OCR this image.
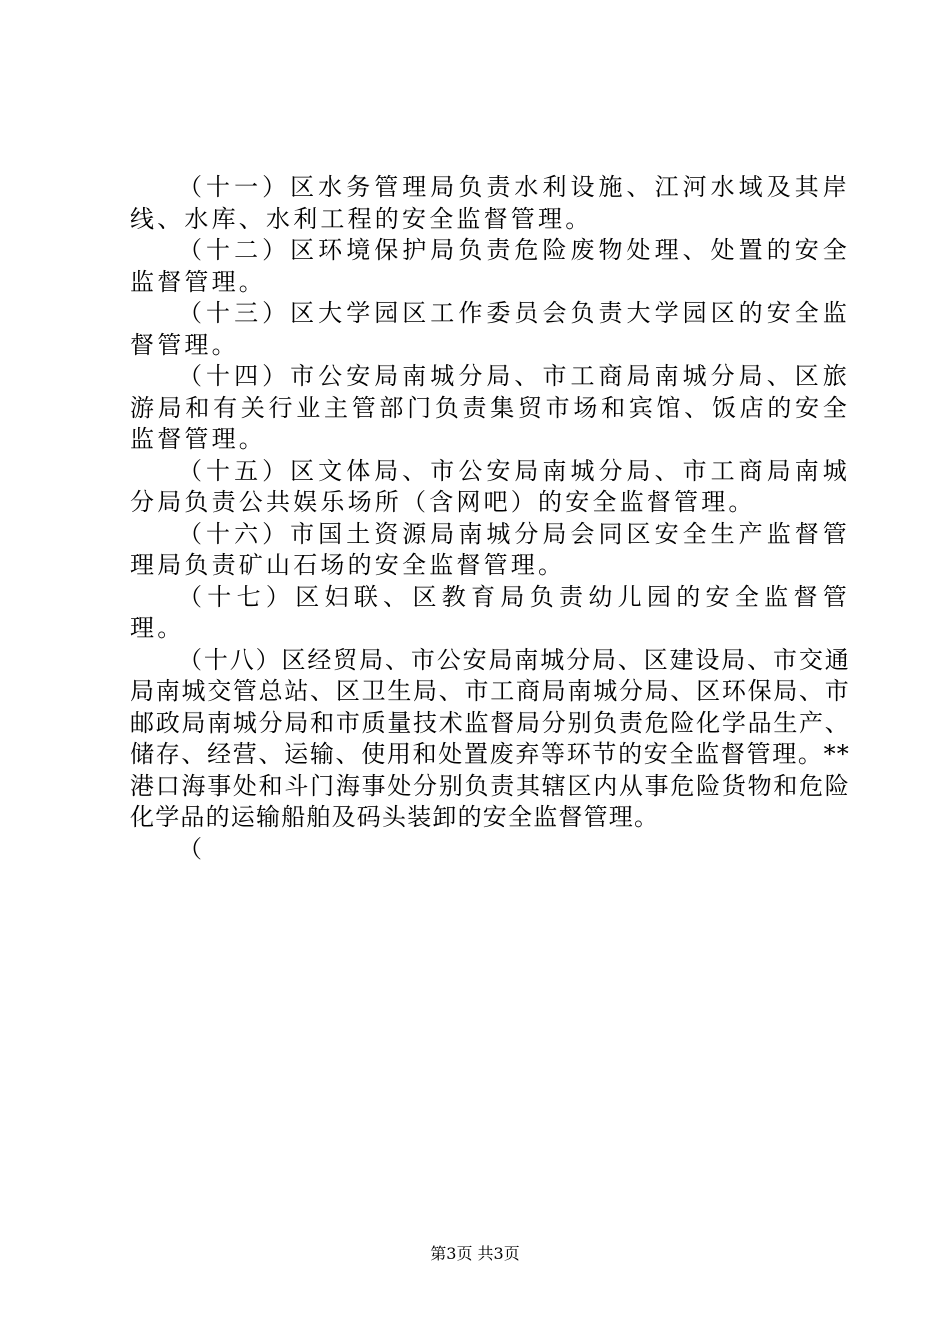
（十一）区水务管理局负责水利设施、江河水域及其岸线、水库、水利工程的安全监督管理。

（十二）区环境保护局负责危险废物处理、处置的安全监督管理。

（十三）区大学园区工作委员会负责大学园区的安全监督管理。

（十四）市公安局南城分局、市工商局南城分局、区旅游局和有关行业主管部门负责集贸市场和宾馆、饭店的安全监督管理。

（十五）区文体局、市公安局南城分局、市工商局南城分局负责公共娱乐场所（含网吧）的安全监督管理。

（十六）市国土资源局南城分局会同区安全生产监督管理局负责矿山石场的安全监督管理。

（十七）区妇联、区教育局负责幼儿园的安全监督管理。

（十八）区经贸局、市公安局南城分局、区建设局、市交通局南城交管总站、区卫生局、市工商局南城分局、区环保局、市邮政局南城分局和市质量技术监督局分别负责危险化学品生产、储存、经营、运输、使用和处置废弃等环节的安全监督管理。**港口海事处和斗门海事处分别负责其辖区内从事危险货物和危险化学品的运输船舶及码头装卸的安全监督管理。

（

第3页 共3页
